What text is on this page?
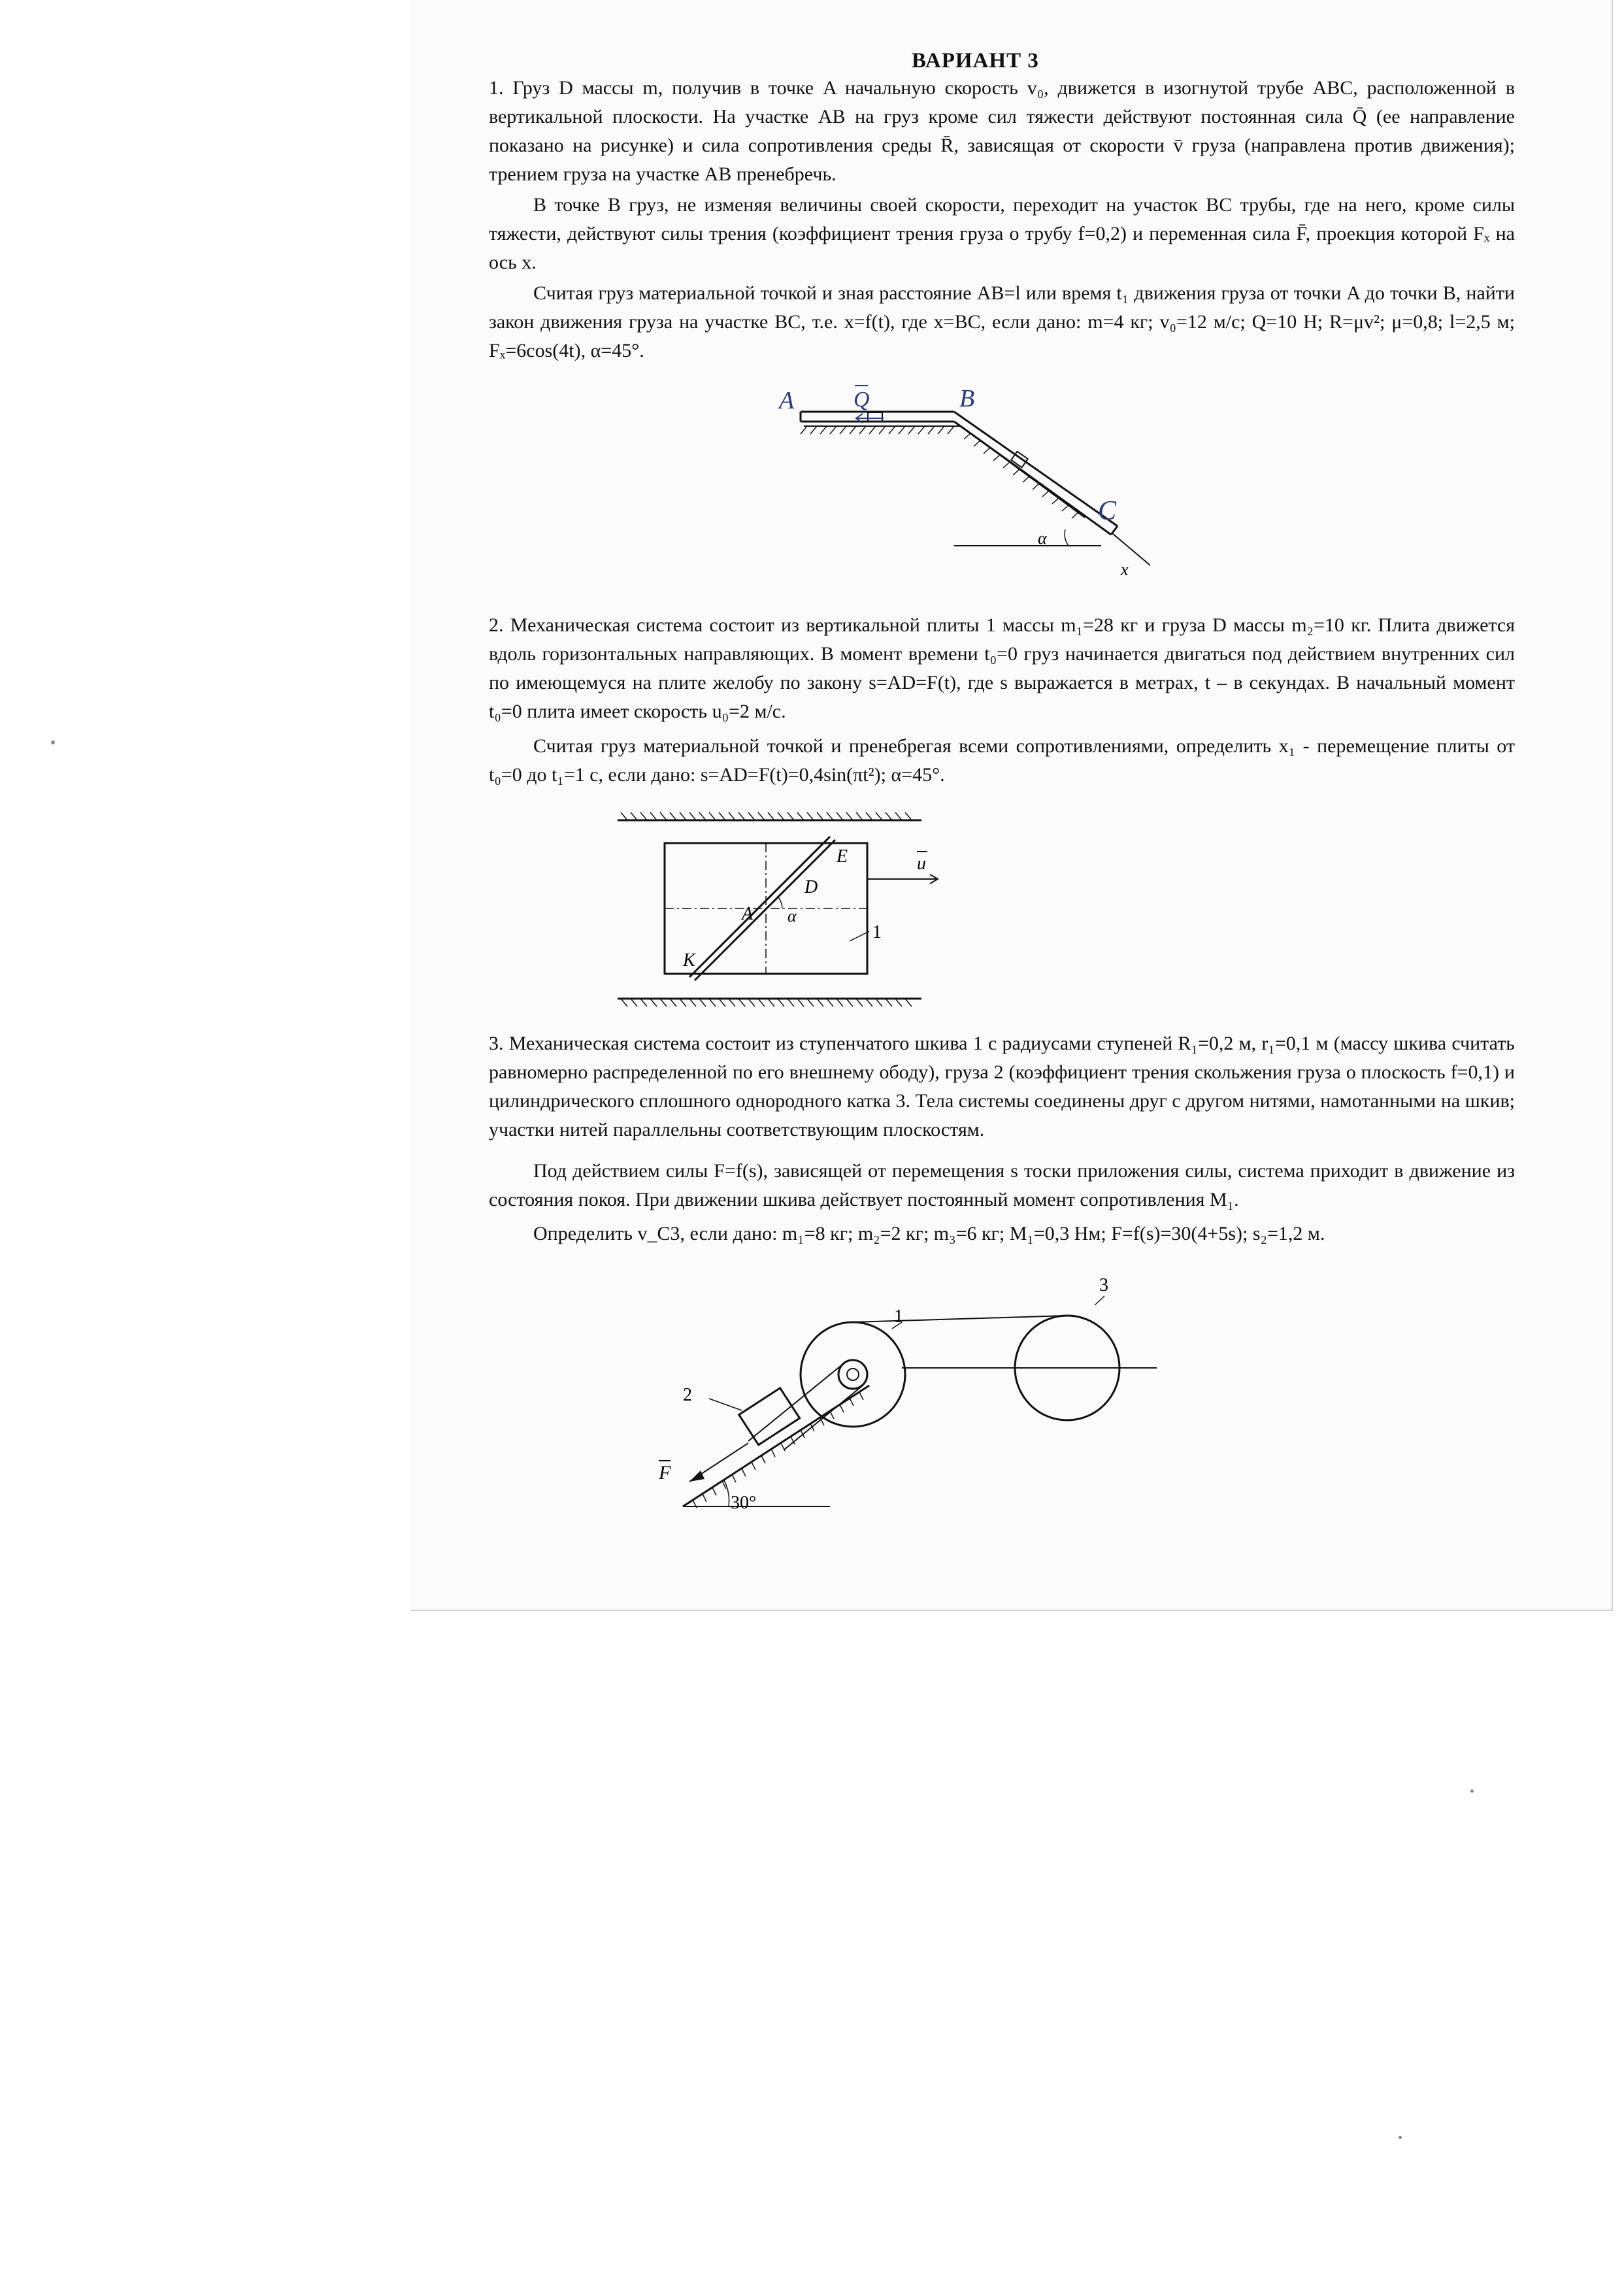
ВАРИАНТ 3

1. Груз D массы m, получив в точке A начальную скорость v₀, движется в изогнутой трубе ABC, расположенной в вертикальной плоскости. На участке AB на груз кроме сил тяжести действуют постоянная сила Q̄ (ее направлeние показано на рисунке) и сила сопротивления среды R̄, зависящая от скорости v̄ груза (направлена против движения); трением груза на участке AB пренебречь.

В точке B груз, не изменяя величины своей скорости, переходит на участок BC трубы, где на него, кроме силы тяжести, действуют силы трения (коэффициент трения груза о трубу f=0,2) и переменная сила F̄, проекция которой Fₓ на ось x.

Считая груз материальной точкой и зная расстояние AB=l или время t₁ движения груза от точки A до точки B, найти закон движения груза на участке BC, т.е. x=f(t), где x=BC, если дано: m=4 кг; v₀=12 м/с; Q=10 Н; R=μv²; μ=0,8; l=2,5 м; Fₓ=6cos(4t), α=45°.

A	Q	B
C
α
x

2. Механическая система состоит из вертикальной плиты 1 массы m₁=28 кг и груза D массы m₂=10 кг. Плита движется вдоль горизонтальных направляющих. В момент времени t₀=0 груз начинается двигаться под действием внутренних сил по имеющемуся на плите желобу по закону s=AD=F(t), где s выражается в метрах, t – в секундах. В начальный момент t₀=0 плита имеет скорость u₀=2 м/с.

Считая груз материальной точкой и пренебрегая всеми сопротивлениями, определить x₁ - перемещение плиты от t₀=0 до t₁=1 с, если дано: s=AD=F(t)=0,4sin(πt²); α=45°.

E
D
A α
K
u
1

3. Механическая система состоит из ступенчатого шкива 1 с радиусами ступеней R₁=0,2 м, r₁=0,1 м (массу шкива считать равномерно распределенной по его внешнему ободу), груза 2 (коэффициент трения скольжения груза о плоскость f=0,1) и цилиндрического сплошного однородного катка 3. Тела системы соединены друг с другом нитями, намотанными на шкив; участки нитей параллельны соответствующим плоскостям.

Под действием силы F=f(s), зависящей от перемещения s тоски приложения силы, система приходит в движение из состояния покоя. При движении шкива действует постоянный момент сопротивления M₁.

Определить v_C3, если дано: m₁=8 кг; m₂=2 кг; m₃=6 кг; M₁=0,3 Нм; F=f(s)=30(4+5s); s₂=1,2 м.

1
2
3
F
30°
